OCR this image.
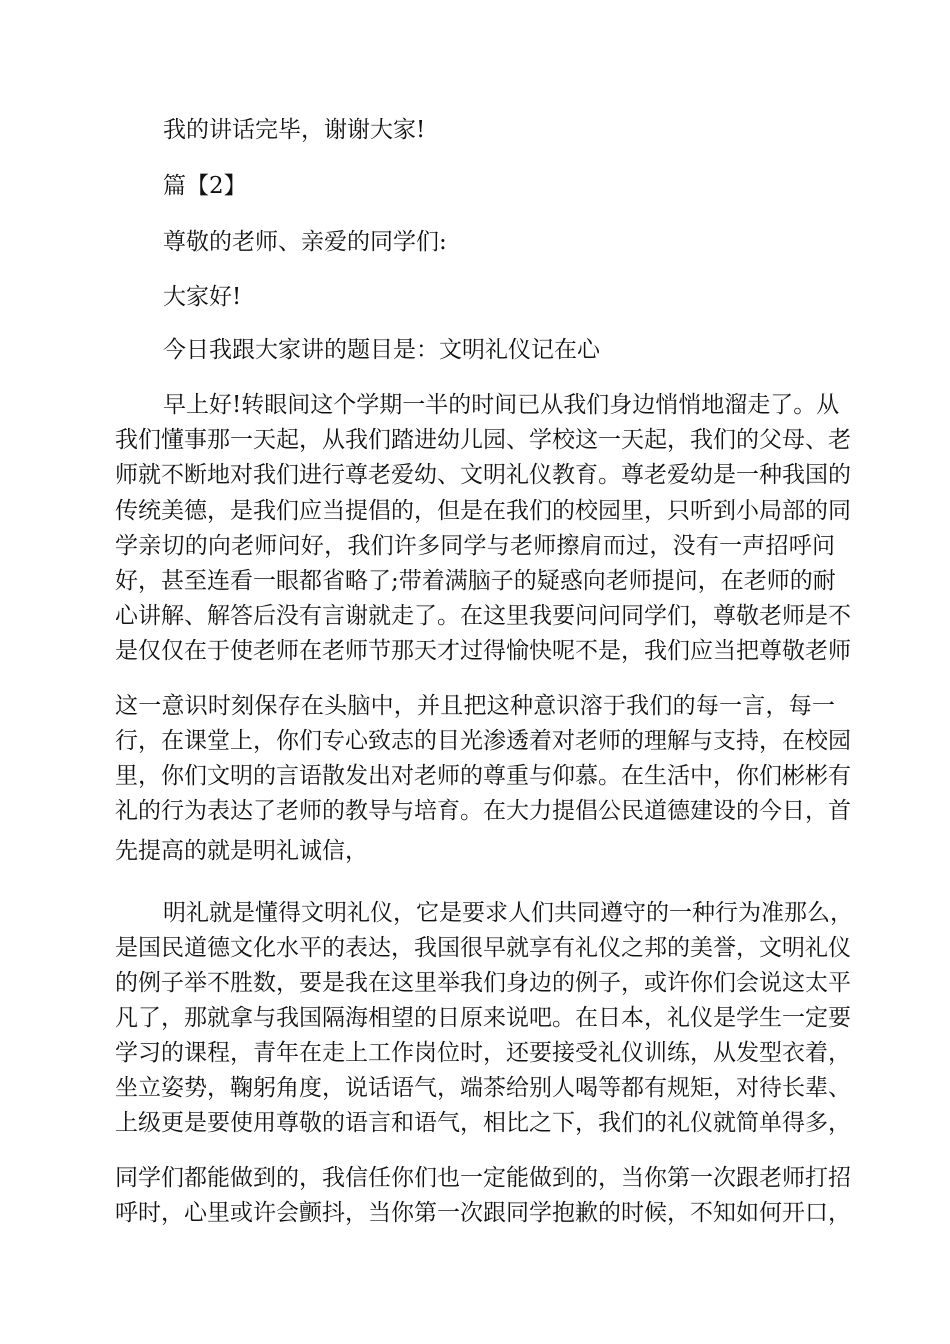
我的讲话完毕，谢谢大家!

篇【2】

尊敬的老师、亲爱的同学们:

大家好!

今日我跟大家讲的题目是：文明礼仪记在心

早上好!转眼间这个学期一半的时间已从我们身边悄悄地溜走了。从

我们懂事那一天起，从我们踏进幼儿园、学校这一天起，我们的父母、老

师就不断地对我们进行尊老爱幼、文明礼仪教育。尊老爱幼是一种我国的

传统美德，是我们应当提倡的，但是在我们的校园里，只听到小局部的同

学亲切的向老师问好，我们许多同学与老师擦肩而过，没有一声招呼问

好，甚至连看一眼都省略了;带着满脑子的疑惑向老师提问，在老师的耐

心讲解、解答后没有言谢就走了。在这里我要问问同学们，尊敬老师是不

是仅仅在于使老师在老师节那天才过得愉快呢不是，我们应当把尊敬老师

这一意识时刻保存在头脑中，并且把这种意识溶于我们的每一言，每一

行，在课堂上，你们专心致志的目光渗透着对老师的理解与支持，在校园

里，你们文明的言语散发出对老师的尊重与仰慕。在生活中，你们彬彬有

礼的行为表达了老师的教导与培育。在大力提倡公民道德建设的今日，首

先提高的就是明礼诚信，

明礼就是懂得文明礼仪，它是要求人们共同遵守的一种行为准那么，

是国民道德文化水平的表达，我国很早就享有礼仪之邦的美誉，文明礼仪

的例子举不胜数，要是我在这里举我们身边的例子，或许你们会说这太平

凡了，那就拿与我国隔海相望的日原来说吧。在日本，礼仪是学生一定要

学习的课程，青年在走上工作岗位时，还要接受礼仪训练，从发型衣着，

坐立姿势，鞠躬角度，说话语气，端茶给别人喝等都有规矩，对待长辈、

上级更是要使用尊敬的语言和语气，相比之下，我们的礼仪就简单得多，

同学们都能做到的，我信任你们也一定能做到的，当你第一次跟老师打招

呼时，心里或许会颤抖，当你第一次跟同学抱歉的时候，不知如何开口，
